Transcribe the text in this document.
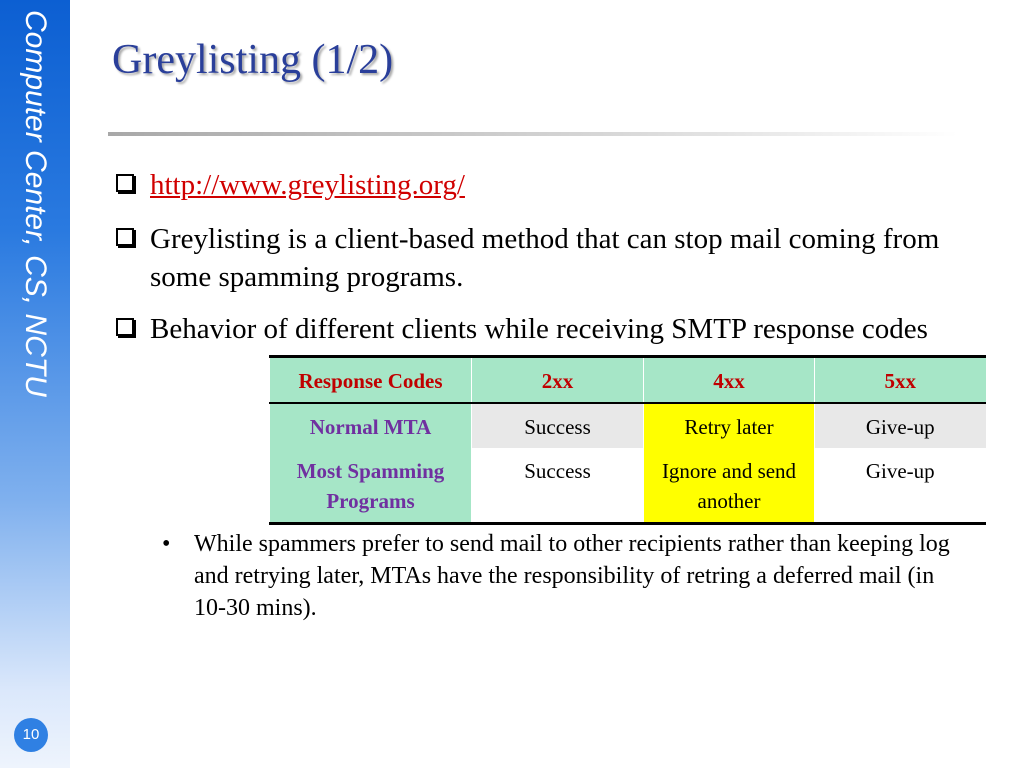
Computer Center, CS, NCTU
10
Greylisting (1/2)
http://www.greylisting.org/
Greylisting is a client-based method that can stop mail coming from some spamming programs.
Behavior of different clients while receiving SMTP response codes
Response Codes	2xx	4xx	5xx
Normal MTA	Success	Retry later	Give-up
Most Spamming Programs	Success	Ignore and send another	Give-up
• While spammers prefer to send mail to other recipients rather than keeping log and retrying later, MTAs have the responsibility of retring a deferred mail (in 10-30 mins).
